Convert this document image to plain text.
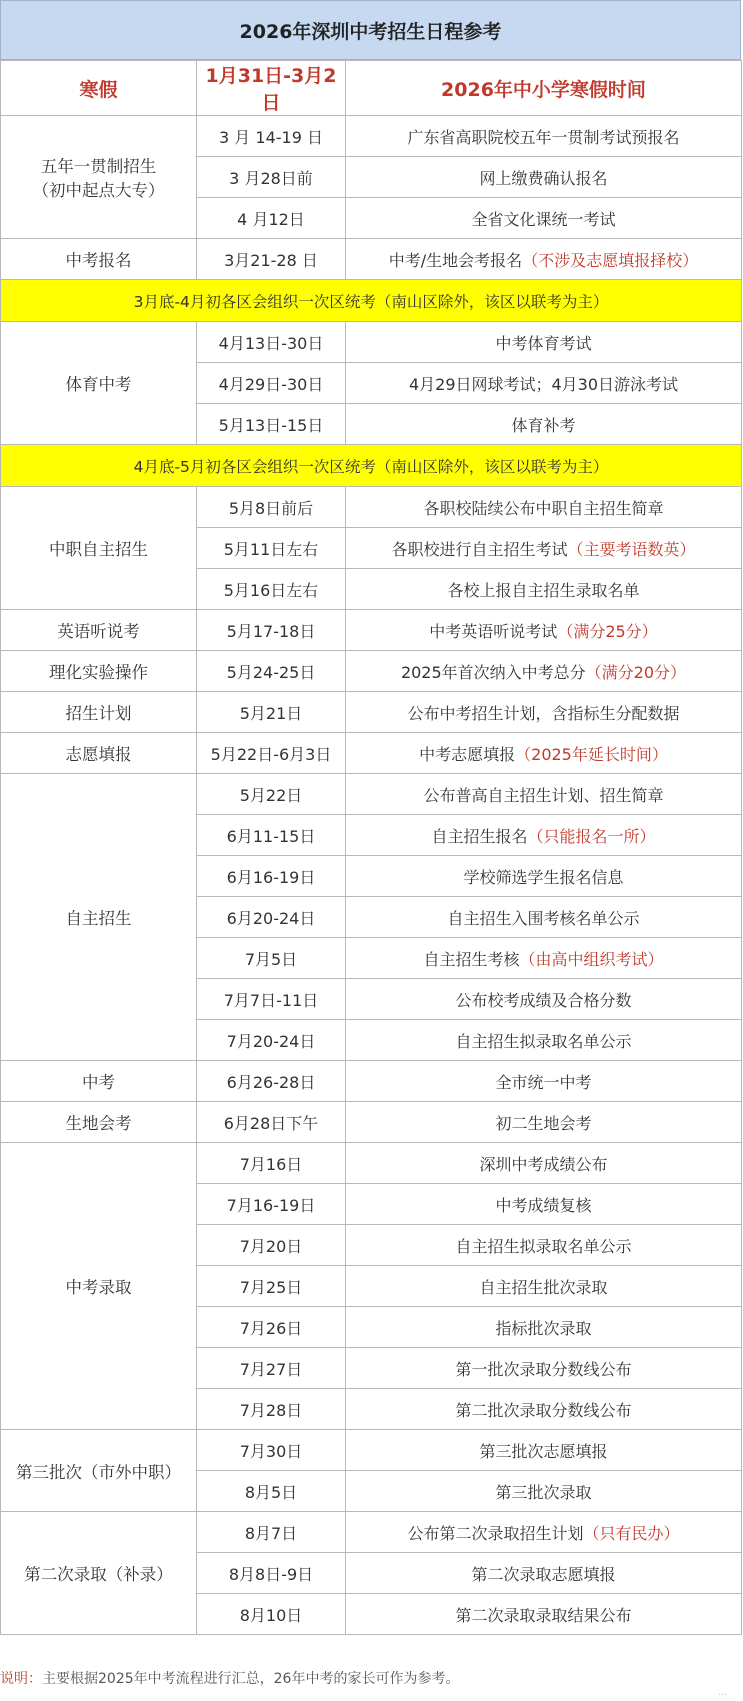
2026年深圳中考招生日程参考
寒假	1月31日-3月2日	2026年中小学寒假时间

五年一贯制招生
（初中起点大专）	3 月 14-19 日	广东省高职院校五年一贯制考试预报名
	3 月28日前	网上缴费确认报名
	4 月12日	全省文化课统一考试
中考报名	3月21-28 日	中考/生地会考报名（不涉及志愿填报择校）
3月底-4月初各区会组织一次区统考（南山区除外，该区以联考为主）		
体育中考	4月13日-30日	中考体育考试
	4月29日-30日	4月29日网球考试；4月30日游泳考试
	5月13日-15日	体育补考
4月底-5月初各区会组织一次区统考（南山区除外，该区以联考为主）		
中职自主招生	5月8日前后	各职校陆续公布中职自主招生简章
	5月11日左右	各职校进行自主招生考试（主要考语数英）
	5月16日左右	各校上报自主招生录取名单
英语听说考	5月17-18日	中考英语听说考试（满分25分）
理化实验操作	5月24-25日	2025年首次纳入中考总分（满分20分）
招生计划	5月21日	公布中考招生计划，含指标生分配数据
志愿填报	5月22日-6月3日	中考志愿填报（2025年延长时间）
自主招生	5月22日	公布普高自主招生计划、招生简章
	6月11-15日	自主招生报名（只能报名一所）
	6月16-19日	学校筛选学生报名信息
	6月20-24日	自主招生入围考核名单公示
	7月5日	自主招生考核（由高中组织考试）
	7月7日-11日	公布校考成绩及合格分数
	7月20-24日	自主招生拟录取名单公示
中考	6月26-28日	全市统一中考
生地会考	6月28日下午	初二生地会考
中考录取	7月16日	深圳中考成绩公布
	7月16-19日	中考成绩复核
	7月20日	自主招生拟录取名单公示
	7月25日	自主招生批次录取
	7月26日	指标批次录取
	7月27日	第一批次录取分数线公布
	7月28日	第二批次录取分数线公布
第三批次（市外中职）	7月30日	第三批次志愿填报
	8月5日	第三批次录取
第二次录取（补录）	8月7日	公布第二次录取招生计划（只有民办）
	8月8日-9日	第二次录取志愿填报
	8月10日	第二次录取录取结果公布
说明：主要根据2025年中考流程进行汇总，26年中考的家长可作为参考。
···
